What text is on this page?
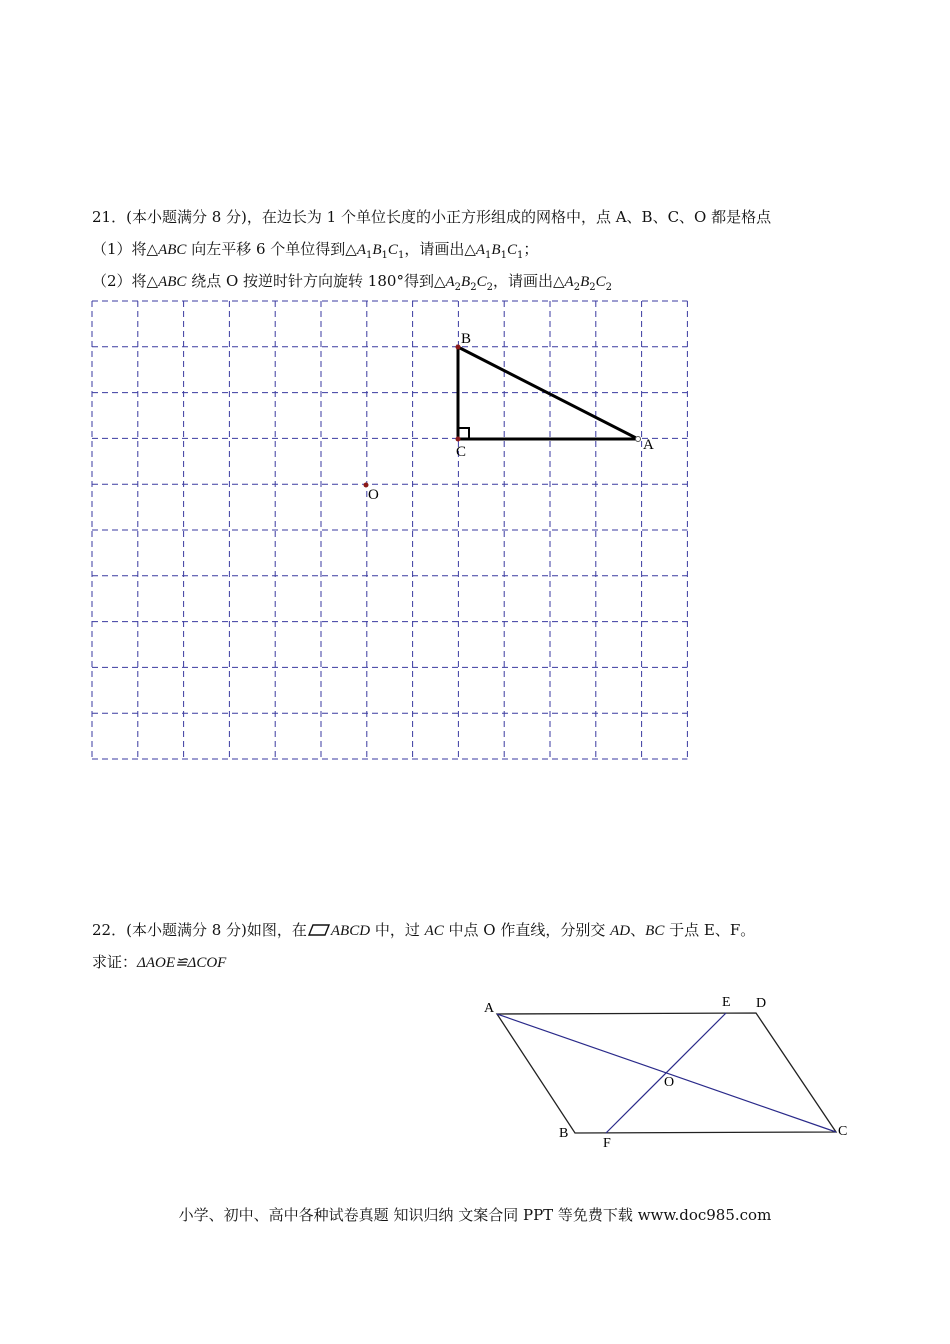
21．(本小题满分 8 分)，在边长为 1 个单位长度的小正方形组成的网格中，点 A、B、C、O 都是格点
（1）将△ABC 向左平移 6 个单位得到$\triangle A_1B_1C_1$，请画出$\triangle A_1B_1C_1$；
（2）将△ABC 绕点 O 按逆时针方向旋转 180°得到$\triangle A_2B_2C_2$，请画出$\triangle A_2B_2C_2$
B
C	A
O
22．(本小题满分 8 分)如图，在 ABCD 中，过 AC 中点 O 作直线，分别交 AD、BC 于点 E、F。
求证：ΔAOE≌ΔCOF
A	E D
O
B
F
C
小学、初中、高中各种试卷真题 知识归纳 文案合同 PPT 等免费下载 www.doc985.com
